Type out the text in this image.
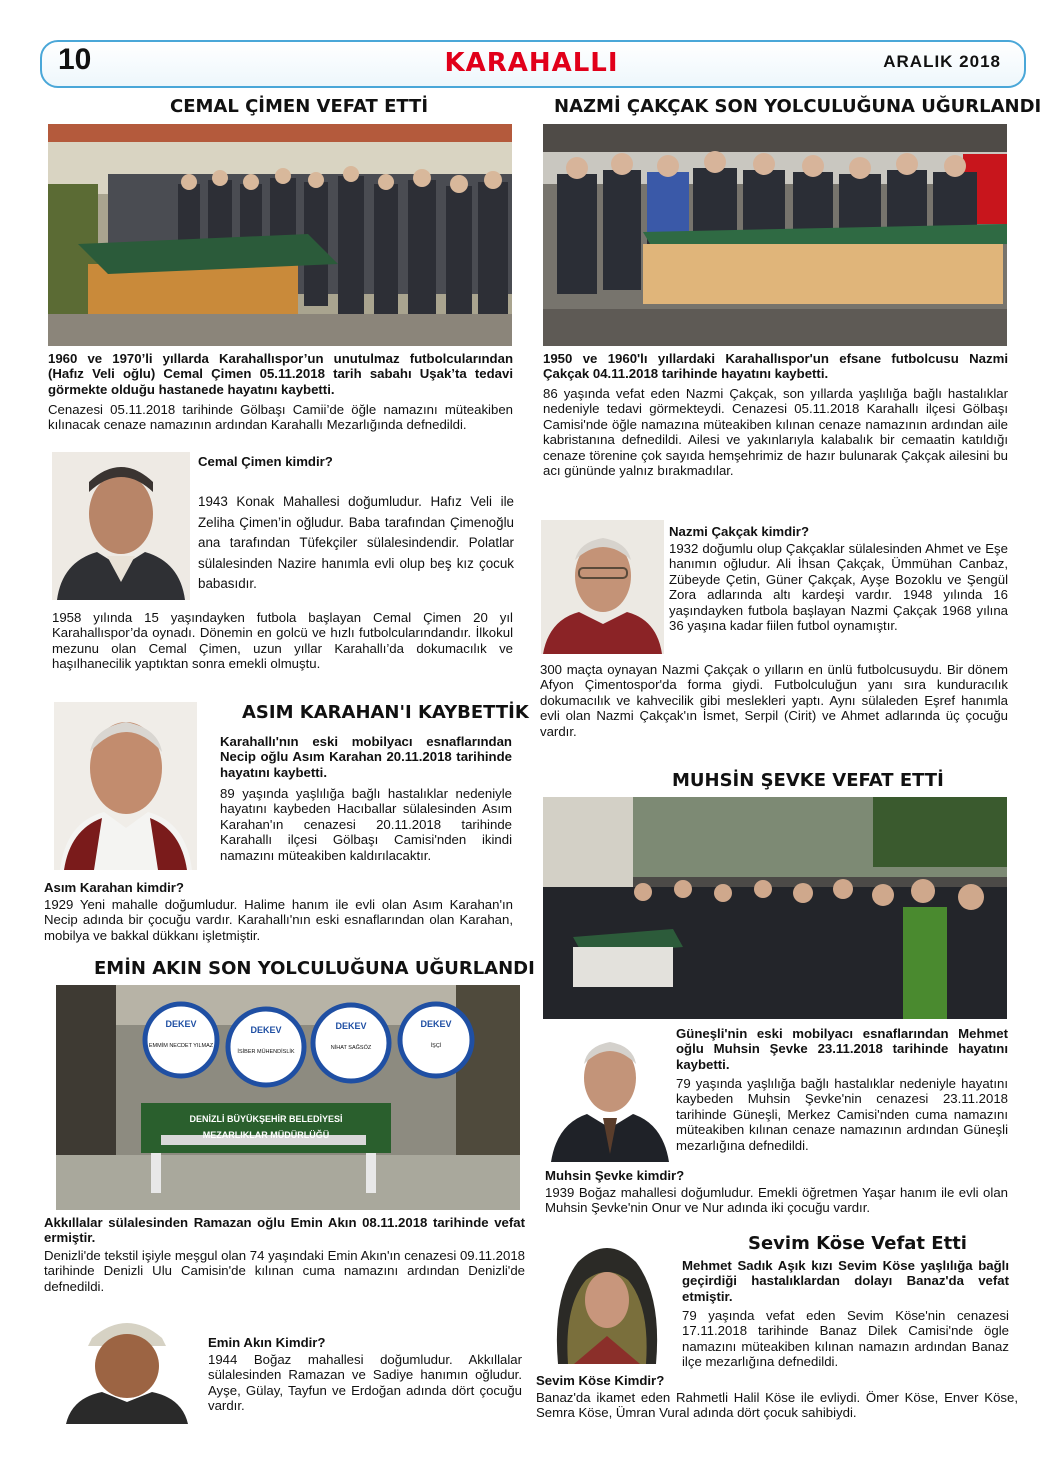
10	KARAHALLI	ARALIK 2018
CEMAL ÇİMEN VEFAT ETTİ
1960 ve 1970’li yıllarda Karahallıspor’un unutulmaz futbolcularından (Hafız Veli oğlu) Cemal Çimen 05.11.2018 tarih sabahı Uşak’ta tedavi görmekte olduğu hastanede hayatını kaybetti.
Cenazesi 05.11.2018 tarihinde Gölbaşı Camii’de öğle namazını müteakiben kılınacak cenaze namazının ardından Karahallı Mezarlığında defnedildi.
Cemal Çimen kimdir?
1943 Konak Mahallesi doğumludur. Hafız Veli ile Zeliha Çimen’in oğludur. Baba tarafından Çimenoğlu ana tarafından Tüfekçiler sülalesindendir. Polatlar sülalesinden Nazire hanımla evli olup beş kız çocuk babasıdır.
1958 yılında 15 yaşındayken futbola başlayan Cemal Çimen 20 yıl Karahallıspor’da oynadı. Dönemin en golcü ve hızlı futbolcularındandır. İlkokul mezunu olan Cemal Çimen, uzun yıllar Karahallı’da dokumacılık ve haşılhanecilik yaptıktan sonra emekli olmuştu.
ASIM KARAHAN'I KAYBETTİK
Karahallı'nın eski mobilyacı esnaflarından Necip oğlu Asım Karahan 20.11.2018 tarihinde hayatını kaybetti.
89 yaşında yaşlılığa bağlı hastalıklar nedeniyle hayatını kaybeden Hacıballar sülalesinden Asım Karahan'ın cenazesi 20.11.2018 tarihinde Karahallı ilçesi Gölbaşı Camisi'nden ikindi namazını müteakiben kaldırılacaktır.
Asım Karahan kimdir?
1929 Yeni mahalle doğumludur. Halime hanım ile evli olan Asım Karahan'ın Necip adında bir çocuğu vardır. Karahallı'nın eski esnaflarından olan Karahan, mobilya ve bakkal dükkanı işletmiştir.
EMİN AKIN SON YOLCULUĞUNA UĞURLANDI
DEKEV
DEKEV	DEKEV	DEKEV
EMMİM NECDET YILMAZ
İSİBER MÜHENDİSLİK
NİHAT SAĞSÖZ	İŞÇİ
DENİZLİ BÜYÜKŞEHİR BELEDİYESİ
MEZARLIKLAR MÜDÜRLÜĞÜ
Akkıllalar sülalesinden Ramazan oğlu Emin Akın 08.11.2018 tarihinde vefat ermiştir.
Denizli'de tekstil işiyle meşgul olan 74 yaşındaki Emin Akın'ın cenazesi 09.11.2018 tarihinde Denizli Ulu Camisin'de kılınan cuma namazını ardından Denizli'de defnedildi.
Emin Akın Kimdir?
1944 Boğaz mahallesi doğumludur. Akkıllalar sülalesinden Ramazan ve Sadiye hanımın oğludur. Ayşe, Gülay, Tayfun ve Erdoğan adında dört çocuğu vardır.
NAZMİ ÇAKÇAK SON YOLCULUĞUNA UĞURLANDI
1950 ve 1960'lı yıllardaki Karahallıspor'un efsane futbolcusu Nazmi Çakçak 04.11.2018 tarihinde hayatını kaybetti.
86 yaşında vefat eden Nazmi Çakçak, son yıllarda yaşlılığa bağlı hastalıklar nedeniyle tedavi görmekteydi. Cenazesi 05.11.2018 Karahallı ilçesi Gölbaşı Camisi'nde öğle namazına müteakiben kılınan cenaze namazının ardından aile kabristanına defnedildi. Ailesi ve yakınlarıyla kalabalık bir cemaatin katıldığı cenaze törenine çok sayıda hemşehrimiz de hazır bulunarak Çakçak ailesini bu acı gününde yalnız bırakmadılar.
Nazmi Çakçak kimdir?
1932 doğumlu olup Çakçaklar sülalesinden Ahmet ve Eşe hanımın oğludur. Ali İhsan Çakçak, Ümmühan Canbaz, Zübeyde Çetin, Güner Çakçak, Ayşe Bozoklu ve Şengül Zora adlarında altı kardeşi vardır. 1948 yılında 16 yaşındayken futbola başlayan Nazmi Çakçak 1968 yılına 36 yaşına kadar fiilen futbol oynamıştır.
300 maçta oynayan Nazmi Çakçak o yılların en ünlü futbolcusuydu. Bir dönem Afyon Çimentospor'da forma giydi. Futbolculuğun yanı sıra kunduracılık dokumacılık ve kahvecilik gibi meslekleri yaptı. Aynı sülaleden Eşref hanımla evli olan Nazmi Çakçak'ın İsmet, Serpil (Cirit) ve Ahmet adlarında üç çocuğu vardır.
MUHSİN ŞEVKE VEFAT ETTİ
Güneşli'nin eski mobilyacı esnaflarından Mehmet oğlu Muhsin Şevke 23.11.2018 tarihinde hayatını kaybetti.
79 yaşında yaşlılığa bağlı hastalıklar nedeniyle hayatını kaybeden Muhsin Şevke'nin cenazesi 23.11.2018 tarihinde Güneşli, Merkez Camisi'nden cuma namazını müteakiben kılınan cenaze namazının ardından Güneşli mezarlığına defnedildi.
Muhsin Şevke kimdir?
1939 Boğaz mahallesi doğumludur. Emekli öğretmen Yaşar hanım ile evli olan Muhsin Şevke'nin Onur ve Nur adında iki çocuğu vardır.
Sevim Köse Vefat Etti
Mehmet Sadık Aşık kızı Sevim Köse yaşlılığa bağlı geçirdiği hastalıklardan dolayı Banaz'da vefat etmiştir.
79 yaşında vefat eden Sevim Köse'nin cenazesi 17.11.2018 tarihinde Banaz Dilek Camisi'nde ögle namazını müteakiben kılınan namazın ardından Banaz ilçe mezarlığına defnedildi.
Sevim Köse Kimdir?
Banaz'da ikamet eden Rahmetli Halil Köse ile evliydi. Ömer Köse, Enver Köse, Semra Köse, Ümran Vural adında dört çocuk sahibiydi.
